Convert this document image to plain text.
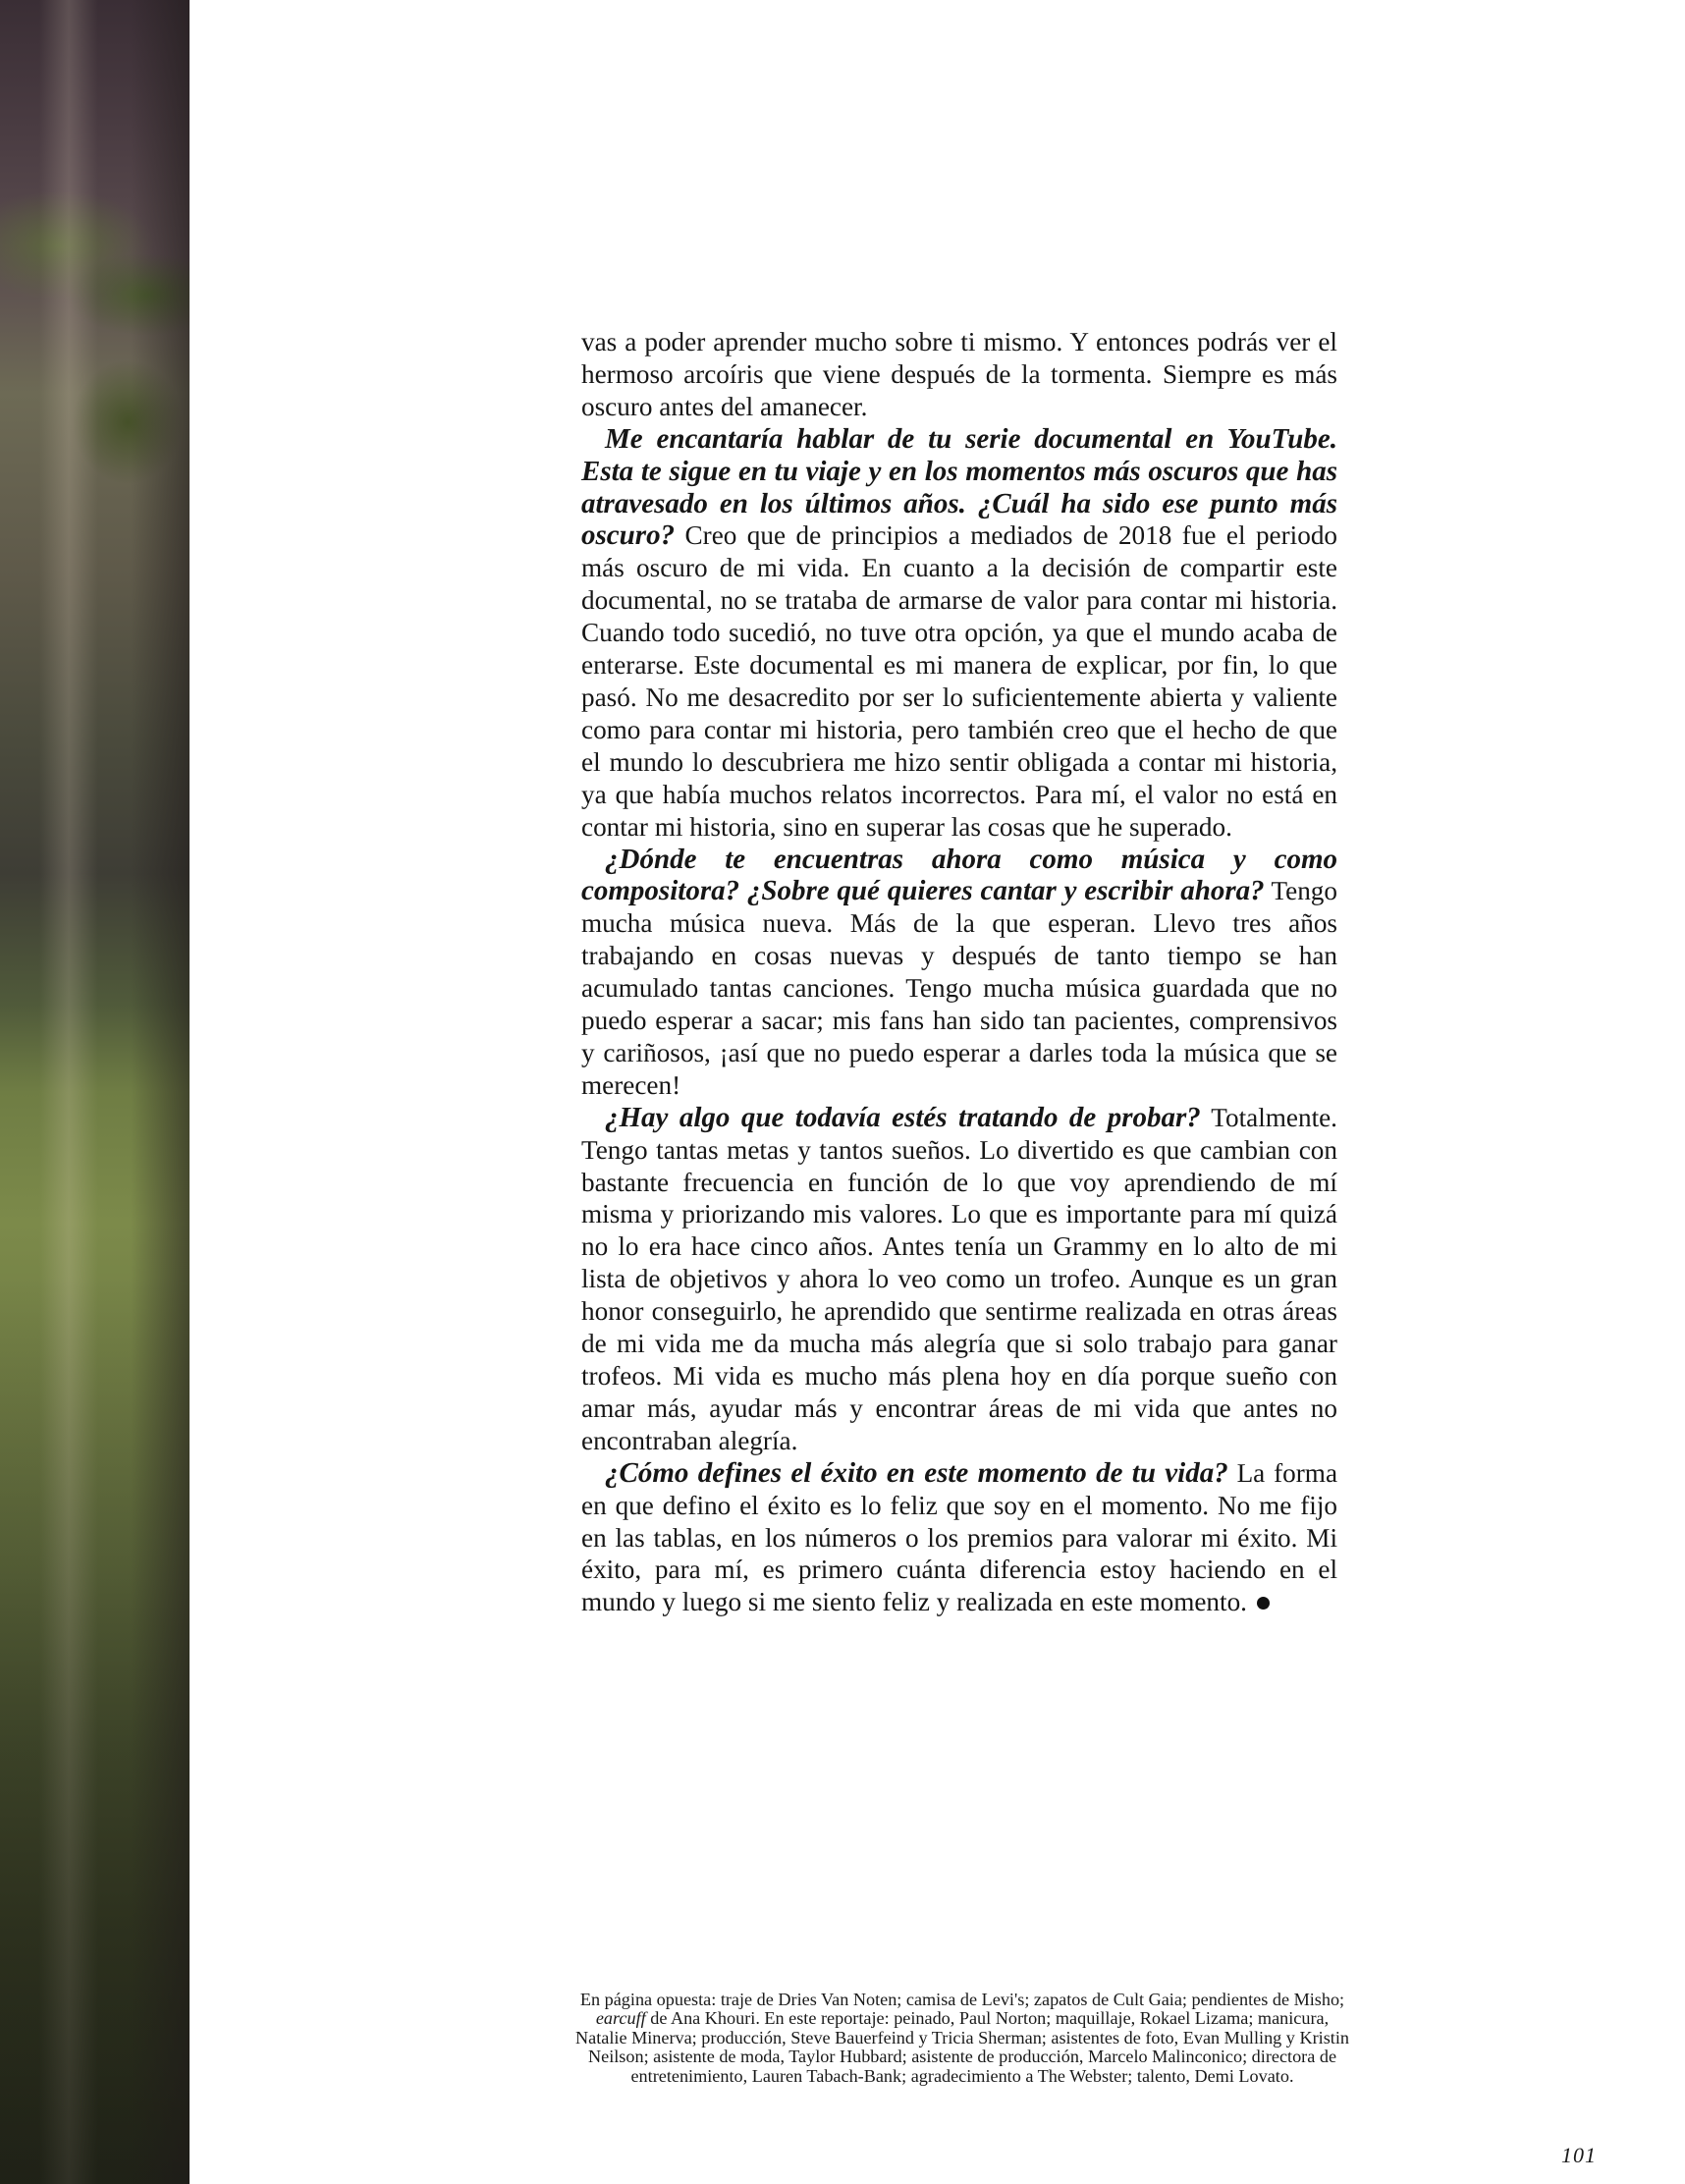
vas a poder aprender mucho sobre ti mismo. Y entonces podrás ver el hermoso arcoíris que viene después de la tormenta. Siempre es más oscuro antes del amanecer.

Me encantaría hablar de tu serie documental en YouTube. Esta te sigue en tu viaje y en los momentos más oscuros que has atravesado en los últimos años. ¿Cuál ha sido ese punto más oscuro? Creo que de principios a mediados de 2018 fue el periodo más oscuro de mi vida. En cuanto a la decisión de compartir este documental, no se trataba de armarse de valor para contar mi historia. Cuando todo sucedió, no tuve otra opción, ya que el mundo acaba de enterarse. Este documental es mi manera de explicar, por fin, lo que pasó. No me desacredito por ser lo suficientemente abierta y valiente como para contar mi historia, pero también creo que el hecho de que el mundo lo descubriera me hizo sentir obligada a contar mi historia, ya que había muchos relatos incorrectos. Para mí, el valor no está en contar mi historia, sino en superar las cosas que he superado.

¿Dónde te encuentras ahora como música y como compositora? ¿Sobre qué quieres cantar y escribir ahora? Tengo mucha música nueva. Más de la que esperan. Llevo tres años trabajando en cosas nuevas y después de tanto tiempo se han acumulado tantas canciones. Tengo mucha música guardada que no puedo esperar a sacar; mis fans han sido tan pacientes, comprensivos y cariñosos, ¡así que no puedo esperar a darles toda la música que se merecen!

¿Hay algo que todavía estés tratando de probar? Totalmente. Tengo tantas metas y tantos sueños. Lo divertido es que cambian con bastante frecuencia en función de lo que voy aprendiendo de mí misma y priorizando mis valores. Lo que es importante para mí quizá no lo era hace cinco años. Antes tenía un Grammy en lo alto de mi lista de objetivos y ahora lo veo como un trofeo. Aunque es un gran honor conseguirlo, he aprendido que sentirme realizada en otras áreas de mi vida me da mucha más alegría que si solo trabajo para ganar trofeos. Mi vida es mucho más plena hoy en día porque sueño con amar más, ayudar más y encontrar áreas de mi vida que antes no encontraban alegría.

¿Cómo defines el éxito en este momento de tu vida? La forma en que defino el éxito es lo feliz que soy en el momento. No me fijo en las tablas, en los números o los premios para valorar mi éxito. Mi éxito, para mí, es primero cuánta diferencia estoy haciendo en el mundo y luego si me siento feliz y realizada en este momento.

En página opuesta: traje de Dries Van Noten; camisa de Levi's; zapatos de Cult Gaia; pendientes de Misho; earcuff de Ana Khouri. En este reportaje: peinado, Paul Norton; maquillaje, Rokael Lizama; manicura, Natalie Minerva; producción, Steve Bauerfeind y Tricia Sherman; asistentes de foto, Evan Mulling y Kristin Neilson; asistente de moda, Taylor Hubbard; asistente de producción, Marcelo Malinconico; directora de entretenimiento, Lauren Tabach-Bank; agradecimiento a The Webster; talento, Demi Lovato.
101
